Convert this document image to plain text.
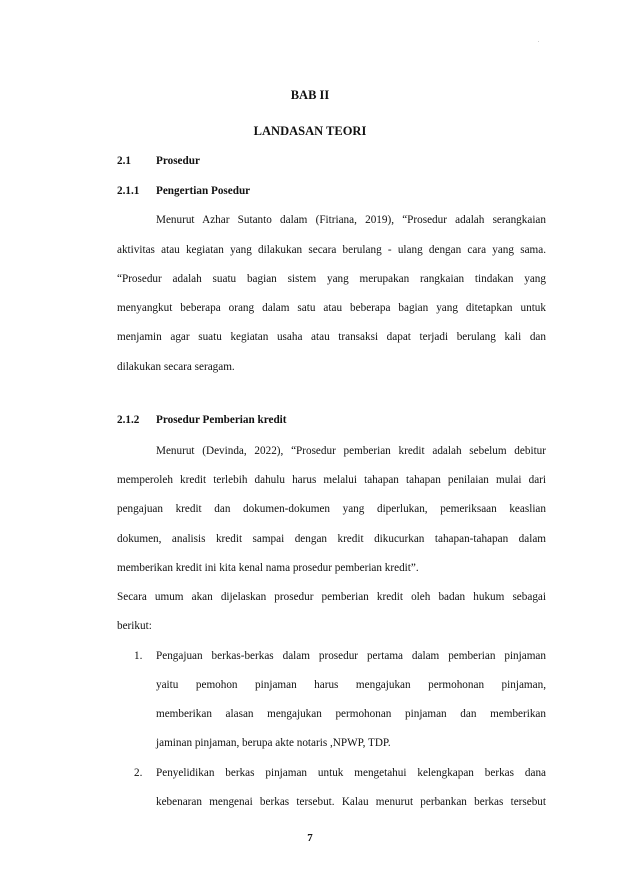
BAB II
LANDASAN TEORI
2.1 Prosedur
2.1.1 Pengertian Posedur
Menurut Azhar Sutanto dalam (Fitriana, 2019), “Prosedur adalah serangkaian
aktivitas atau kegiatan yang dilakukan secara berulang - ulang dengan cara yang sama.
“Prosedur adalah suatu bagian sistem yang merupakan rangkaian tindakan yang
menyangkut beberapa orang dalam satu atau beberapa bagian yang ditetapkan untuk
menjamin agar suatu kegiatan usaha atau transaksi dapat terjadi berulang kali dan
dilakukan secara seragam.
2.1.2 Prosedur Pemberian kredit
Menurut (Devinda, 2022), “Prosedur pemberian kredit adalah sebelum debitur
memperoleh kredit terlebih dahulu harus melalui tahapan tahapan penilaian mulai dari
pengajuan kredit dan dokumen-dokumen yang diperlukan, pemeriksaan keaslian
dokumen, analisis kredit sampai dengan kredit dikucurkan tahapan-tahapan dalam
memberikan kredit ini kita kenal nama prosedur pemberian kredit”.
Secara umum akan dijelaskan prosedur pemberian kredit oleh badan hukum sebagai
berikut:
1. Pengajuan berkas-berkas dalam prosedur pertama dalam pemberian pinjaman
yaitu pemohon pinjaman harus mengajukan permohonan pinjaman,
memberikan alasan mengajukan permohonan pinjaman dan memberikan
jaminan pinjaman, berupa akte notaris ,NPWP, TDP.
2. Penyelidikan berkas pinjaman untuk mengetahui kelengkapan berkas dana
kebenaran mengenai berkas tersebut. Kalau menurut perbankan berkas tersebut
7
